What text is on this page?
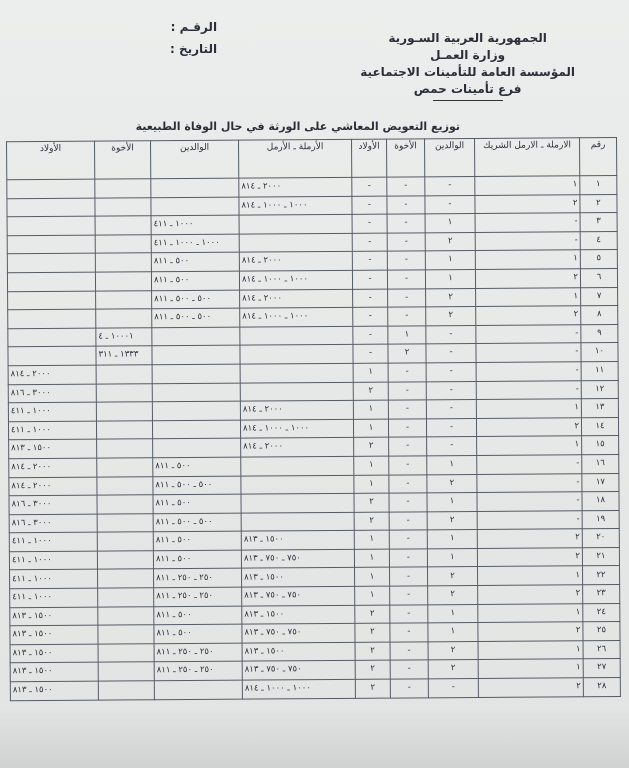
الجمهورية العربية السـورية
وزارة العمـل
المؤسسة العامة للتأمينات الاجتماعية
فرع تأمينات حمص
الرقـم :
التاريخ :
توزيع التعويض المعاشي على الورثة في حال الوفاة الطبيعية
رقم	الارملة ـ الارمل الشريك	الوالدين	الأخوة	الأولاد	الأرملة ـ الأرمل	الوالدين	الأخوة	الأولاد
١	١	-	-	-	٢٠٠٠ ـ ٨١٤			
٢	٢	-	-	-	١٠٠٠ ـ ١٠٠٠ ـ ٨١٤			
٣	-	١	-	-		١٠٠٠ ـ ٤١١		
٤	-	٢	-	-		١٠٠٠ ـ ١٠٠٠ ـ ٤١١		
٥	١	١	-	-	٢٠٠٠ ـ ٨١٤	٥٠٠ ـ ٨١١		
٦	٢	١	-	-	١٠٠٠ ـ ١٠٠٠ ـ ٨١٤	٥٠٠ ـ ٨١١		
٧	١	٢	-	-	٢٠٠٠ ـ ٨١٤	٥٠٠ ـ ٥٠٠ ـ ٨١١		
٨	٢	٢	-	-	١٠٠٠ ـ ١٠٠٠ ـ ٨١٤	٥٠٠ ـ ٥٠٠ ـ ٨١١		
٩	-	-	١	-			١٠٠٠١ ـ ٤	
١٠	-	-	٢	-			١٣٣٣ ـ ٣١١	
١١	-	-	-	١				٢٠٠٠ ـ ٨١٤
١٢	-	-	-	٢				٣٠٠٠ ـ ٨١٦
١٣	١	-	-	١	٢٠٠٠ ـ ٨١٤			١٠٠٠ ـ ٤١١
١٤	٢	-	-	١	١٠٠٠ ـ ١٠٠٠ ـ ٨١٤			١٠٠٠ ـ ٤١١
١٥	١	-	-	٢	٢٠٠٠ ـ ٨١٤			١٥٠٠ ـ ٨١٣
١٦	-	١	-	١		٥٠٠ ـ ٨١١		٢٠٠٠ ـ ٨١٤
١٧	-	٢	-	١		٥٠٠ ـ ٥٠٠ ـ ٨١١		٢٠٠٠ ـ ٨١٤
١٨	-	١	-	٢		٥٠٠ ـ ٨١١		٣٠٠٠ ـ ٨١٦
١٩	-	٢	-	٢		٥٠٠ ـ ٥٠٠ ـ ٨١١		٣٠٠٠ ـ ٨١٦
٢٠	٢	١	-	١	١٥٠٠ ـ ٨١٣	٥٠٠ ـ ٨١١		١٠٠٠ ـ ٤١١
٢١	٢	١	-	١	٧٥٠ ـ ٧٥٠ ـ ٨١٣	٥٠٠ ـ ٨١١		١٠٠٠ ـ ٤١١
٢٢	١	٢	-	١	١٥٠٠ ـ ٨١٣	٢٥٠ ـ ٢٥٠ ـ ٨١١		١٠٠٠ ـ ٤١١
٢٣	٢	٢	-	١	٧٥٠ ـ ٧٥٠ ـ ٨١٣	٢٥٠ ـ ٢٥٠ ـ ٨١١		١٠٠٠ ـ ٤١١
٢٤	١	١	-	٢	١٥٠٠ ـ ٨١٣	٥٠٠ ـ ٨١١		١٥٠٠ ـ ٨١٣
٢٥	٢	١	-	٢	٧٥٠ ـ ٧٥٠ ـ ٨١٣	٥٠٠ ـ ٨١١		١٥٠٠ ـ ٨١٣
٢٦	١	٢	-	٢	١٥٠٠ ـ ٨١٣	٢٥٠ ـ ٢٥٠ ـ ٨١١		١٥٠٠ ـ ٨١٣
٢٧	١	٢	-	٢	٧٥٠ ـ ٧٥٠ ـ ٨١٣	٢٥٠ ـ ٢٥٠ ـ ٨١١		١٥٠٠ ـ ٨١٣
٢٨	٢	-	-	٢	١٠٠٠ ـ ١٠٠٠ ـ ٨١٤			١٥٠٠ ـ ٨١٣
